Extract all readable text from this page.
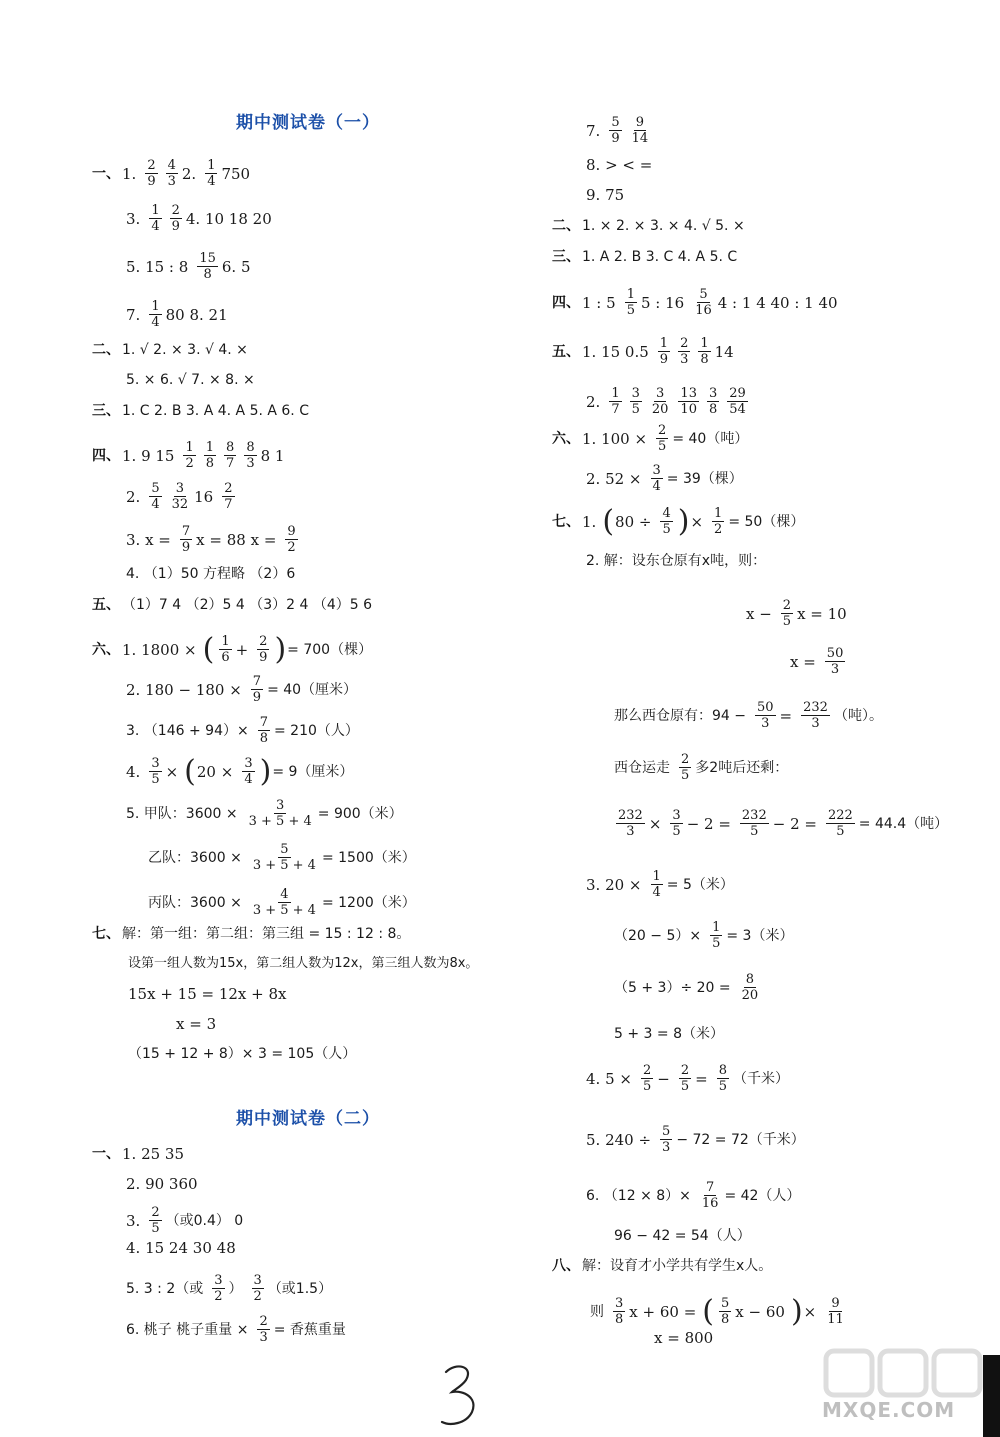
期中测试卷（一）
一、 1. 2
9
4
3 2. 1
4 750
3. 1
4
2
9 4. 10 18 20
5. 15 : 8 15
8 6. 5
7. 1
4 80 8. 21
二、 1. √ 2. × 3. √ 4. ×
5. × 6. √ 7. × 8. ×
三、 1. C 2. B 3. A 4. A 5. A 6. C
四、 1. 9 15 1
2
1
8
8
7
8
3 8 1
2. 5
4
3
32 16 2
7
3. $x = \frac{7}{9}$ x = 88 $x = \frac{9}{2}$
4. （1）50 方程略 （2）6
五、 （1）7 4 （2）5 4 （3）2 4 （4）5 6
六、 1. 1800 × ( 1
$6 + \frac{2}{9}$ ) = 700（棵）
2. $180 - 180 \times \frac{7}{9} = 40$（厘米）
3. $(146 + 94)\times \frac{7}{8} = 210$（人）
4. $\frac{3}{5}$ × ( $20 \times \frac{3}{4}$ ) = 9（厘米）
5. 甲队：$3600 \times \frac{3}{3 + 5 + 4} = 900$（米）
乙队：$3600 \times \frac{5}{3 + 5 + 4} = 1500$（米）
丙队：$3600 \times \frac{4}{3 + 5 + 4} = 1200$（米）
七、 解：第一组：第二组：第三组 = 15 : 12 : 8。
设第一组人数为15x，第二组人数为12x，第三组人数为8x。
15x + 15 = 12x + 8x
x = 3
（15 + 12 + 8）× 3 = 105（人）
期中测试卷（二）
一、 1. 25 35
2. 90 360
3. 2
5 （或0.4） 0
4. 15 24 30 48
5. 3 : 2（或 3
2 ） 3
2 （或1.5）
6. 桃子 桃子重量 × $\frac{2}{3}$ = 香蕉重量
7. 5
9
9
14
8. > < =
9. 75
二、 1. × 2. × 3. × 4. √ 5. ×
三、 1. A 2. B 3. C 4. A 5. C
四、 1 : 5 1
5 5 : 16 5
16 4 : 1 4 40 : 1 40
五、 1. 15 0.5 1
9
2
3
1
8 14
2. 1
7
3
5
3
20
13
10
3
8
29
54
六、 1. $100 \times \frac{2}{5} = 40$（吨）
2. $52 \times \frac{3}{4} = 39$（棵）
七、 1. ( $80 \div \frac{4}{5}$ ) × $\frac{1}{2} = 50$（棵）
2. 解：设东仓原有x吨，则：
$x - \frac{2}{5}$ x = 10
$x = \frac{50}{3}$
那么西仓原有：$94 - \frac{50}{3} = \frac{232}{3}$ （吨）。
西仓运走 2
5 多2吨后还剩：
$\frac{232}{3} \times \frac{3}{5} - 2 = \frac{232}{5} - 2 = \frac{222}{5} = 44.4$（吨）
3. $20 \times \frac{1}{4} = 5$（米）
$(20 - 5)\times \frac{1}{5} = 3$（米）
$(5 + 3)\div 20 = \frac{8}{20}$
5 + 3 = 8（米）
4. $5 \times \frac{2}{5} - \frac{2}{5} = \frac{8}{5}$ （千米）
5. $240 \div \frac{5}{3} - 72 = 72$（千米）
6. $(12 \times 8)\times \frac{7}{16} = 42$（人）
96 − 42 = 54（人）
八、 解：设育才小学共有学生x人。
则 3
8 x + 60 = ( 5
8 x − 60 ) × $\frac{9}{11}$
x = 800
MXQE.COM
